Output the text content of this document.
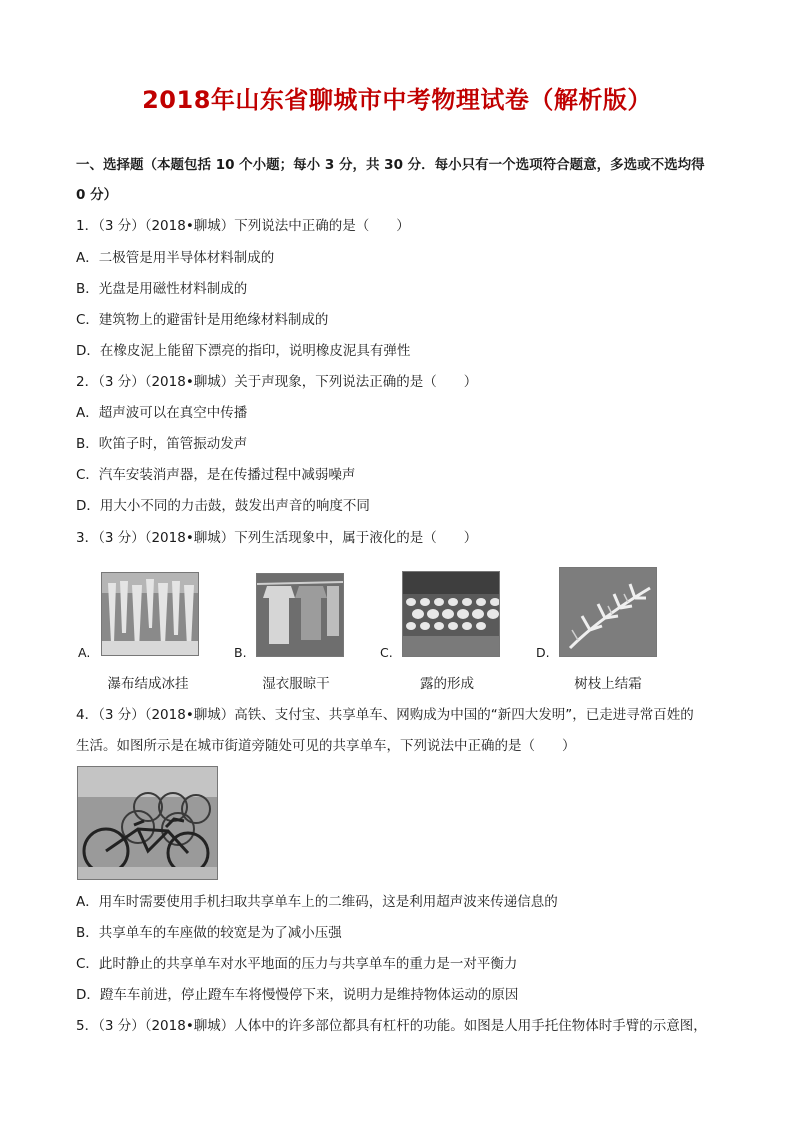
2018年山东省聊城市中考物理试卷（解析版）
一、选择题（本题包括 10 个小题；每小 3 分，共 30 分．每小只有一个选项符合题意，多选或不选均得
0 分）
1．（3 分）（2018•聊城）下列说法中正确的是（　　）
A．二极管是用半导体材料制成的
B．光盘是用磁性材料制成的
C．建筑物上的避雷针是用绝缘材料制成的
D．在橡皮泥上能留下漂亮的指印，说明橡皮泥具有弹性
2．（3 分）（2018•聊城）关于声现象，下列说法正确的是（　　）
A．超声波可以在真空中传播
B．吹笛子时，笛管振动发声
C．汽车安装消声器，是在传播过程中减弱噪声
D．用大小不同的力击鼓，鼓发出声音的响度不同
3．（3 分）（2018•聊城）下列生活现象中，属于液化的是（　　）
A.	B.	C.	D.
瀑布结成冰挂	湿衣服晾干	露的形成	树枝上结霜
4．（3 分）（2018•聊城）高铁、支付宝、共享单车、网购成为中国的“新四大发明”，已走进寻常百姓的
生活。如图所示是在城市街道旁随处可见的共享单车，下列说法中正确的是（　　）
A．用车时需要使用手机扫取共享单车上的二维码，这是利用超声波来传递信息的
B．共享单车的车座做的较宽是为了减小压强
C．此时静止的共享单车对水平地面的压力与共享单车的重力是一对平衡力
D．蹬车车前进，停止蹬车车将慢慢停下来，说明力是维持物体运动的原因
5．（3 分）（2018•聊城）人体中的许多部位都具有杠杆的功能。如图是人用手托住物体时手臂的示意图，
